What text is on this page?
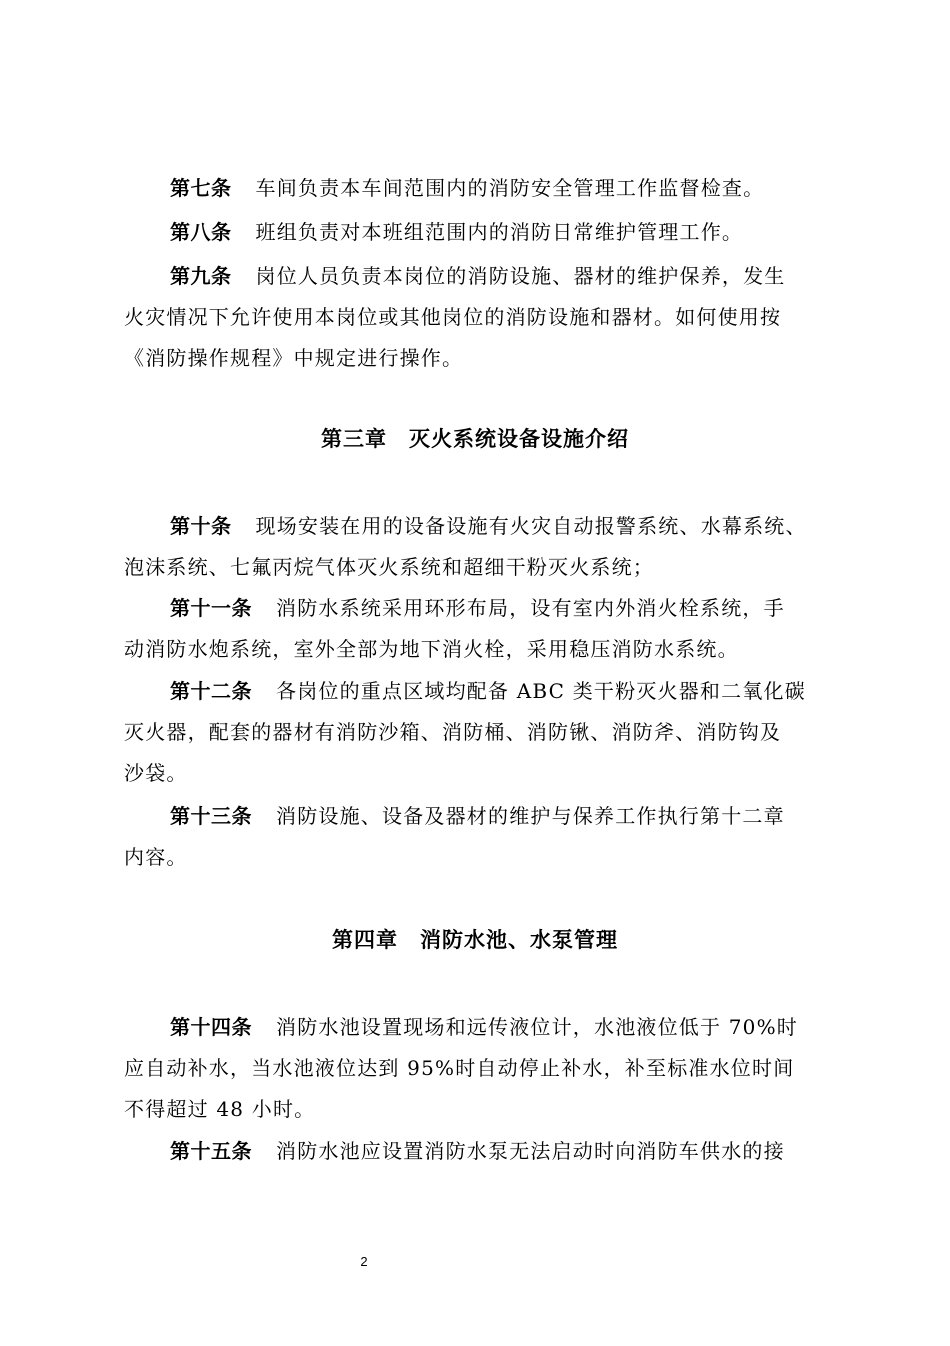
第七条 车间负责本车间范围内的消防安全管理工作监督检查。
第八条 班组负责对本班组范围内的消防日常维护管理工作。
第九条 岗位人员负责本岗位的消防设施、器材的维护保养，发生
火灾情况下允许使用本岗位或其他岗位的消防设施和器材。如何使用按
《消防操作规程》中规定进行操作。
第三章 灭火系统设备设施介绍
第十条 现场安装在用的设备设施有火灾自动报警系统、水幕系统、
泡沫系统、七氟丙烷气体灭火系统和超细干粉灭火系统；
第十一条 消防水系统采用环形布局，设有室内外消火栓系统，手
动消防水炮系统，室外全部为地下消火栓，采用稳压消防水系统。
第十二条 各岗位的重点区域均配备 ABC 类干粉灭火器和二氧化碳
灭火器，配套的器材有消防沙箱、消防桶、消防锹、消防斧、消防钩及
沙袋。
第十三条 消防设施、设备及器材的维护与保养工作执行第十二章
内容。
第四章 消防水池、水泵管理
第十四条 消防水池设置现场和远传液位计，水池液位低于 70%时
应自动补水，当水池液位达到 95%时自动停止补水，补至标准水位时间
不得超过 48 小时。
第十五条 消防水池应设置消防水泵无法启动时向消防车供水的接
2
